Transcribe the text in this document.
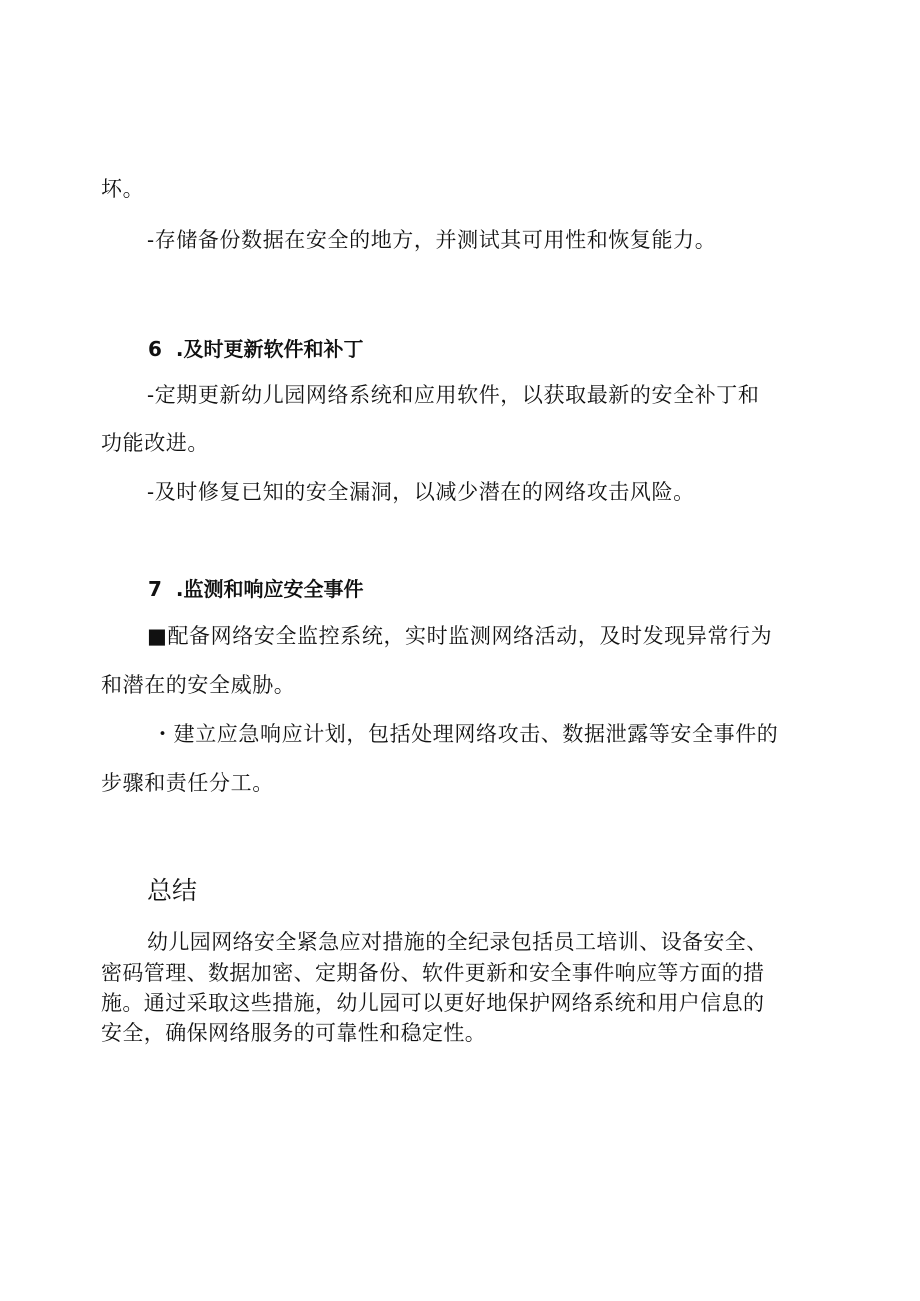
坏。
-存储备份数据在安全的地方，并测试其可用性和恢复能力。
6 .及时更新软件和补丁
-定期更新幼儿园网络系统和应用软件，以获取最新的安全补丁和
功能改进。
-及时修复已知的安全漏洞，以减少潜在的网络攻击风险。
7 .监测和响应安全事件
■配备网络安全监控系统，实时监测网络活动，及时发现异常行为
和潜在的安全威胁。
・建立应急响应计划，包括处理网络攻击、数据泄露等安全事件的
步骤和责任分工。
总结
幼儿园网络安全紧急应对措施的全纪录包括员工培训、设备安全、
密码管理、数据加密、定期备份、软件更新和安全事件响应等方面的措
施。通过采取这些措施，幼儿园可以更好地保护网络系统和用户信息的
安全，确保网络服务的可靠性和稳定性。
